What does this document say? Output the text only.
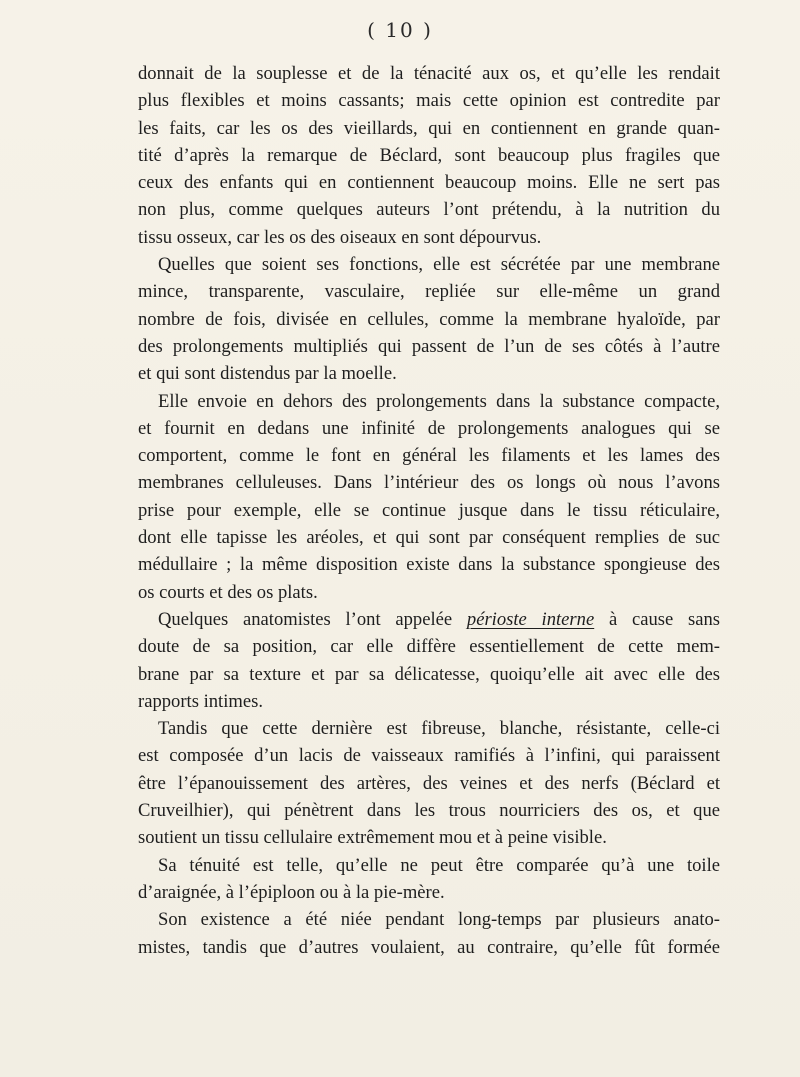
( 10 )

donnait de la souplesse et de la ténacité aux os, et qu’elle les rendait
plus flexibles et moins cassants; mais cette opinion est contredite par
les faits, car les os des vieillards, qui en contiennent en grande quan-
tité d’après la remarque de Béclard, sont beaucoup plus fragiles que
ceux des enfants qui en contiennent beaucoup moins. Elle ne sert pas
non plus, comme quelques auteurs l’ont prétendu, à la nutrition du
tissu osseux, car les os des oiseaux en sont dépourvus.

Quelles que soient ses fonctions, elle est sécrétée par une membrane
mince, transparente, vasculaire, repliée sur elle-même un grand
nombre de fois, divisée en cellules, comme la membrane hyaloïde, par
des prolongements multipliés qui passent de l’un de ses côtés à l’autre
et qui sont distendus par la moelle.

Elle envoie en dehors des prolongements dans la substance compacte,
et fournit en dedans une infinité de prolongements analogues qui se
comportent, comme le font en général les filaments et les lames des
membranes celluleuses. Dans l’intérieur des os longs où nous l’avons
prise pour exemple, elle se continue jusque dans le tissu réticulaire,
dont elle tapisse les aréoles, et qui sont par conséquent remplies de suc
médullaire ; la même disposition existe dans la substance spongieuse des
os courts et des os plats.

Quelques anatomistes l’ont appelée périoste interne à cause sans
doute de sa position, car elle diffère essentiellement de cette mem-
brane par sa texture et par sa délicatesse, quoiqu’elle ait avec elle des
rapports intimes.

Tandis que cette dernière est fibreuse, blanche, résistante, celle-ci
est composée d’un lacis de vaisseaux ramifiés à l’infini, qui paraissent
être l’épanouissement des artères, des veines et des nerfs (Béclard et
Cruveilhier), qui pénètrent dans les trous nourriciers des os, et que
soutient un tissu cellulaire extrêmement mou et à peine visible.

Sa ténuité est telle, qu’elle ne peut être comparée qu’à une toile
d’araignée, à l’épiploon ou à la pie-mère.

Son existence a été niée pendant long-temps par plusieurs anato-
mistes, tandis que d’autres voulaient, au contraire, qu’elle fût formée
